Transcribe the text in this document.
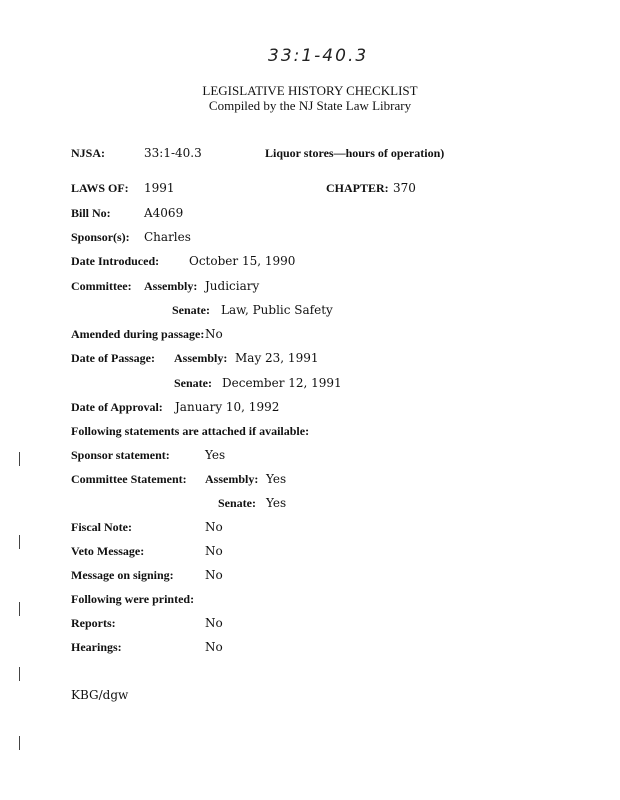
33:1-40.3
LEGISLATIVE HISTORY CHECKLIST
Compiled by the NJ State Law Library
NJSA:	33:1-40.3	Liquor stores—hours of operation)
LAWS OF: 1991	CHAPTER: 370
Bill No:	A4069
Sponsor(s): Charles
Date Introduced: October 15, 1990
Committee: Assembly: Judiciary
Senate: Law, Public Safety
Amended during passage: No
Date of Passage: Assembly: May 23, 1991
Senate: December 12, 1991
Date of Approval: January 10, 1992
Following statements are attached if available:
Sponsor statement:	Yes
Committee Statement: Assembly: Yes
Senate: Yes
Fiscal Note:	No
Veto Message:	No
Message on signing:	No
Following were printed:
Reports:	No
Hearings:	No
KBG/dgw
